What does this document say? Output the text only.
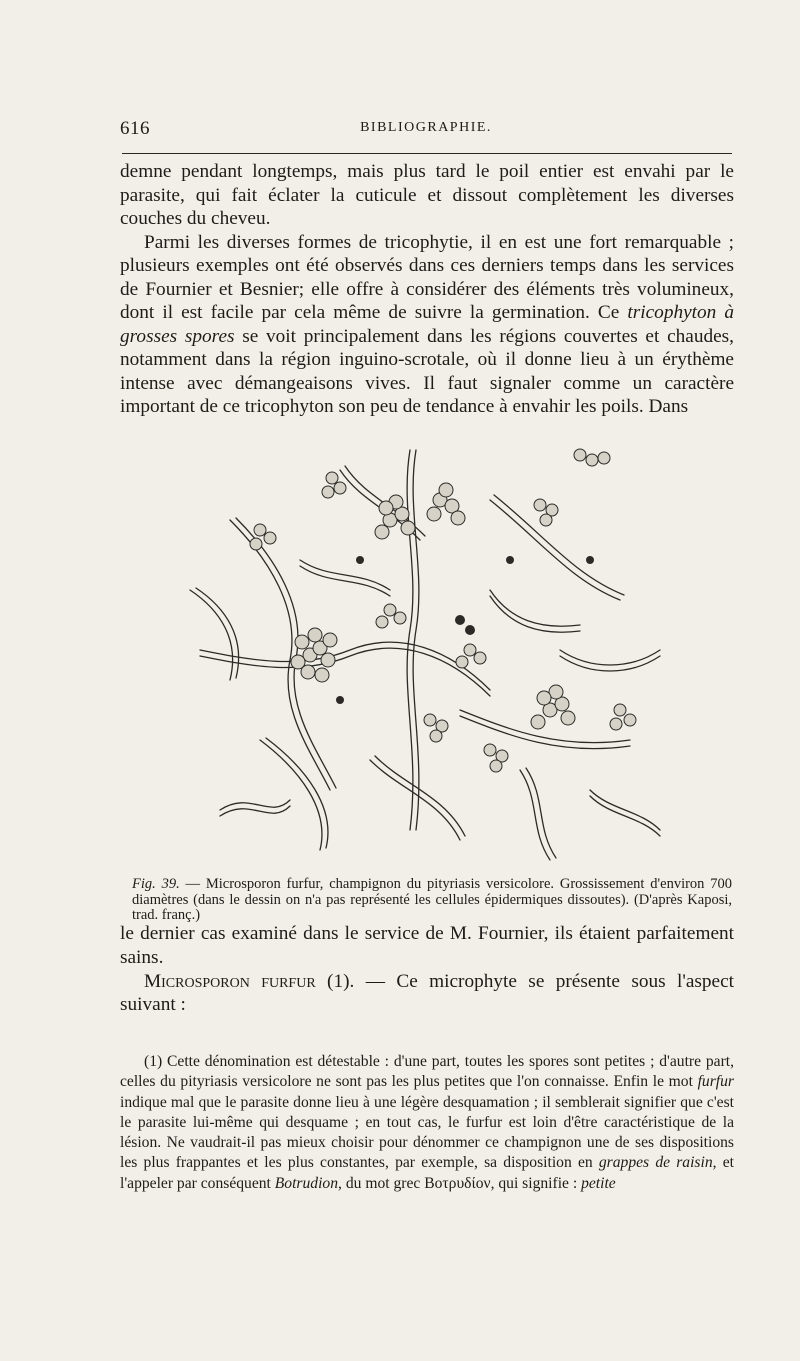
616	BIBLIOGRAPHIE.

demne pendant longtemps, mais plus tard le poil entier est envahi par le parasite, qui fait éclater la cuticule et dissout complètement les diverses couches du cheveu.

Parmi les diverses formes de tricophytie, il en est une fort remarquable ; plusieurs exemples ont été observés dans ces derniers temps dans les services de Fournier et Besnier; elle offre à considérer des éléments très volumineux, dont il est facile par cela même de suivre la germination. Ce tricophyton à grosses spores se voit principalement dans les régions couvertes et chaudes, notamment dans la région inguino-scrotale, où il donne lieu à un érythème intense avec démangeaisons vives. Il faut signaler comme un caractère important de ce tricophyton son peu de tendance à envahir les poils. Dans

Fig. 39. — Microsporon furfur, champignon du pityriasis versicolore. Grossissement d'environ 700 diamètres (dans le dessin on n'a pas représenté les cellules épidermiques dissoutes). (D'après Kaposi, trad. franç.)

le dernier cas examiné dans le service de M. Fournier, ils étaient parfaitement sains.

Microsporon furfur (1). — Ce microphyte se présente sous l'aspect suivant :

(1) Cette dénomination est détestable : d'une part, toutes les spores sont petites ; d'autre part, celles du pityriasis versicolore ne sont pas les plus petites que l'on connaisse. Enfin le mot furfur indique mal que le parasite donne lieu à une légère desquamation ; il semblerait signifier que c'est le parasite lui-même qui desquame ; en tout cas, le furfur est loin d'être caractéristique de la lésion. Ne vaudrait-il pas mieux choisir pour dénommer ce champignon une de ses dispositions les plus frappantes et les plus constantes, par exemple, sa disposition en grappes de raisin, et l'appeler par conséquent Botrudion, du mot grec Βοτρυδίον, qui signifie : petite
